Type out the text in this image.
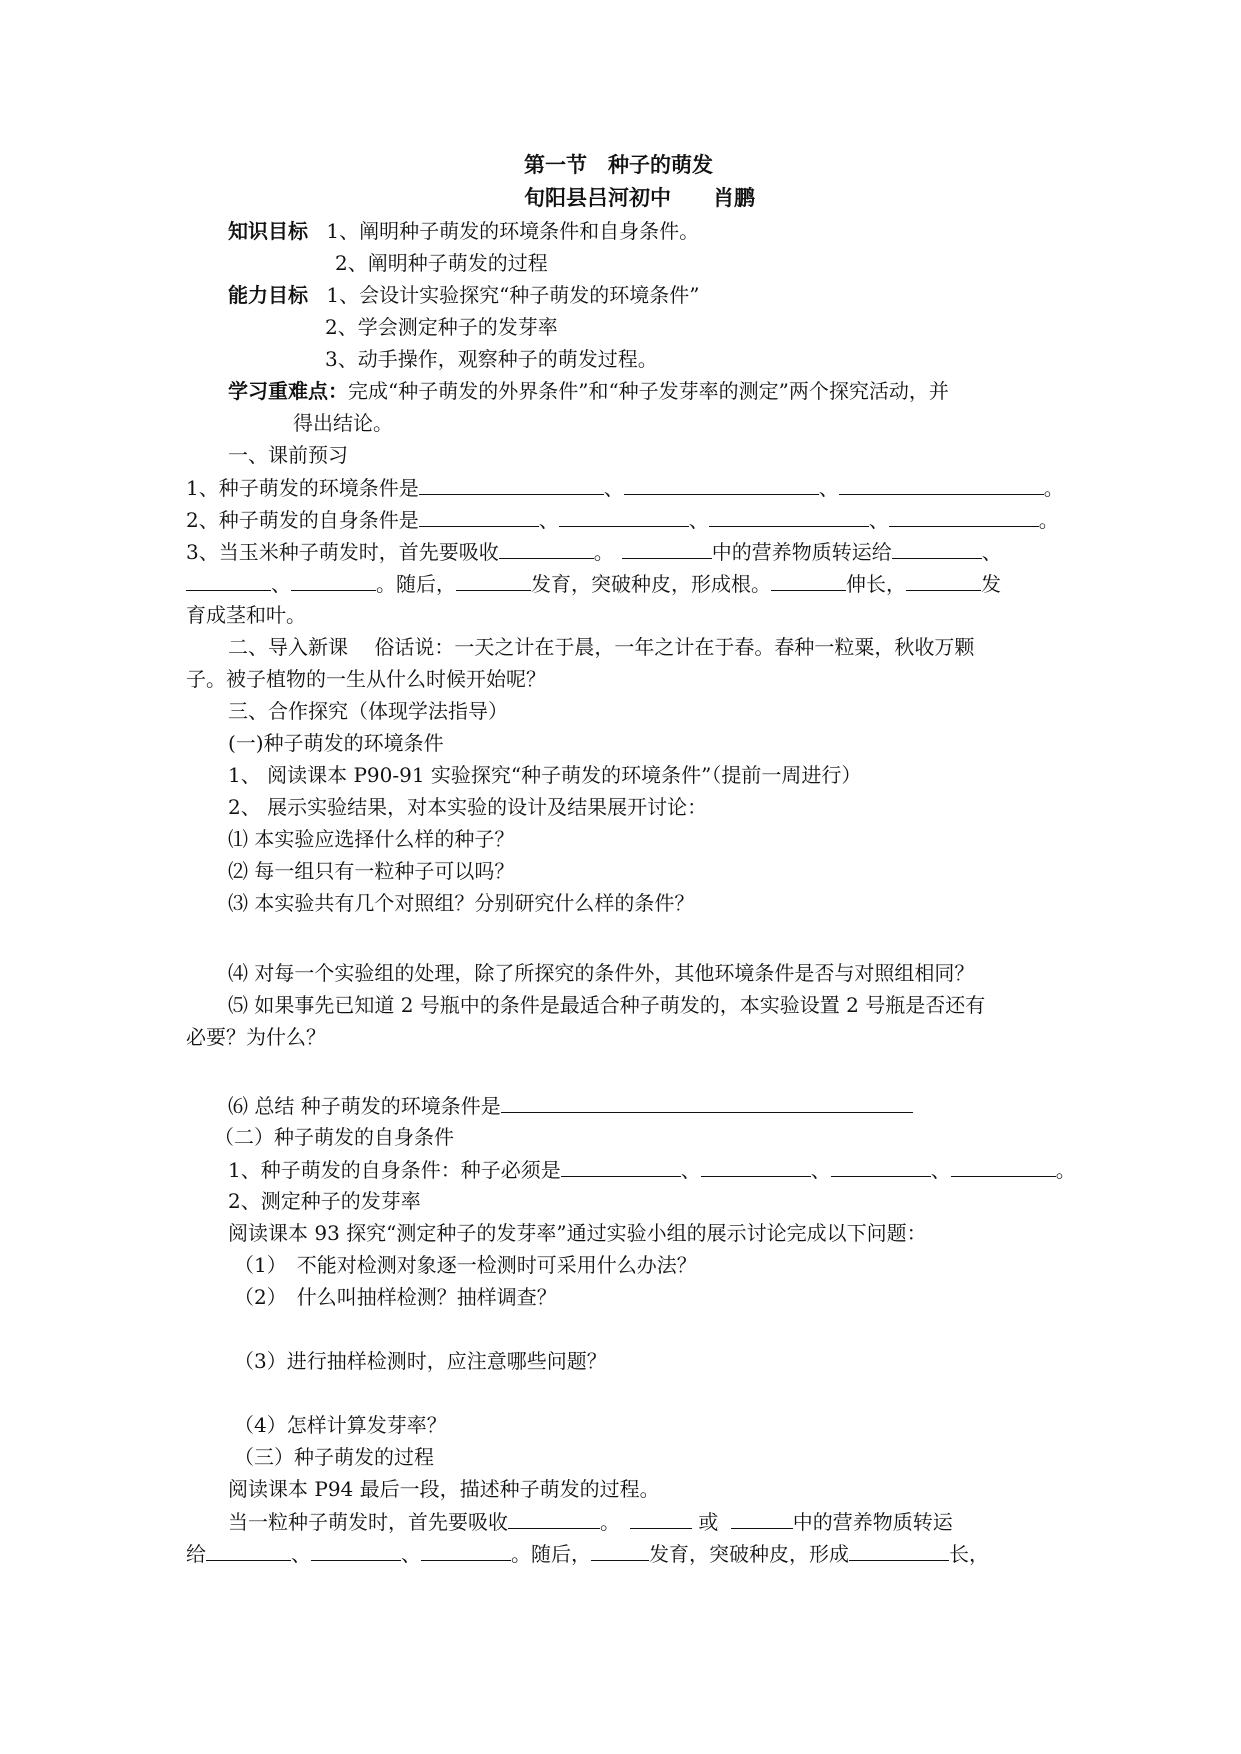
第一节　种子的萌发
旬阳县吕河初中　　肖鹏
知识目标 1、阐明种子萌发的环境条件和自身条件。
2、阐明种子萌发的过程
能力目标 1、会设计实验探究“种子萌发的环境条件”
2、学会测定种子的发芽率
3、动手操作，观察种子的萌发过程。
学习重难点：完成“种子萌发的外界条件”和“种子发芽率的测定”两个探究活动，并
得出结论。
一、课前预习
1、种子萌发的环境条件是	、	、	。
2、种子萌发的自身条件是	、	、	、	。
3、当玉米种子萌发时，首先要吸收	。	中的营养物质转运给	、
、	。随后，	发育，突破种皮，形成根。	伸长，	发
育成茎和叶。
二、导入新课　 俗话说：一天之计在于晨，一年之计在于春。春种一粒粟，秋收万颗
子。被子植物的一生从什么时候开始呢？
三、合作探究（体现学法指导）
(一)种子萌发的环境条件
1、 阅读课本 P90-91 实验探究“种子萌发的环境条件”（提前一周进行）
2、 展示实验结果，对本实验的设计及结果展开讨论：
⑴ 本实验应选择什么样的种子？
⑵ 每一组只有一粒种子可以吗？
⑶ 本实验共有几个对照组？分别研究什么样的条件？
⑷ 对每一个实验组的处理，除了所探究的条件外，其他环境条件是否与对照组相同？
⑸ 如果事先已知道 2 号瓶中的条件是最适合种子萌发的，本实验设置 2 号瓶是否还有
必要？为什么？
⑹ 总结 种子萌发的环境条件是
（二）种子萌发的自身条件
1、种子萌发的自身条件：种子必须是	、	、	、	。
2、测定种子的发芽率
阅读课本 93 探究“测定种子的发芽率”通过实验小组的展示讨论完成以下问题：
（1）　不能对检测对象逐一检测时可采用什么办法？
（2）　什么叫抽样检测？抽样调查？
（3）进行抽样检测时，应注意哪些问题？
（4）怎样计算发芽率？
（三）种子萌发的过程
阅读课本 P94 最后一段，描述种子萌发的过程。
当一粒种子萌发时，首先要吸收	。	或	中的营养物质转运
给	、	、	。随后，	发育，突破种皮，形成	长，
